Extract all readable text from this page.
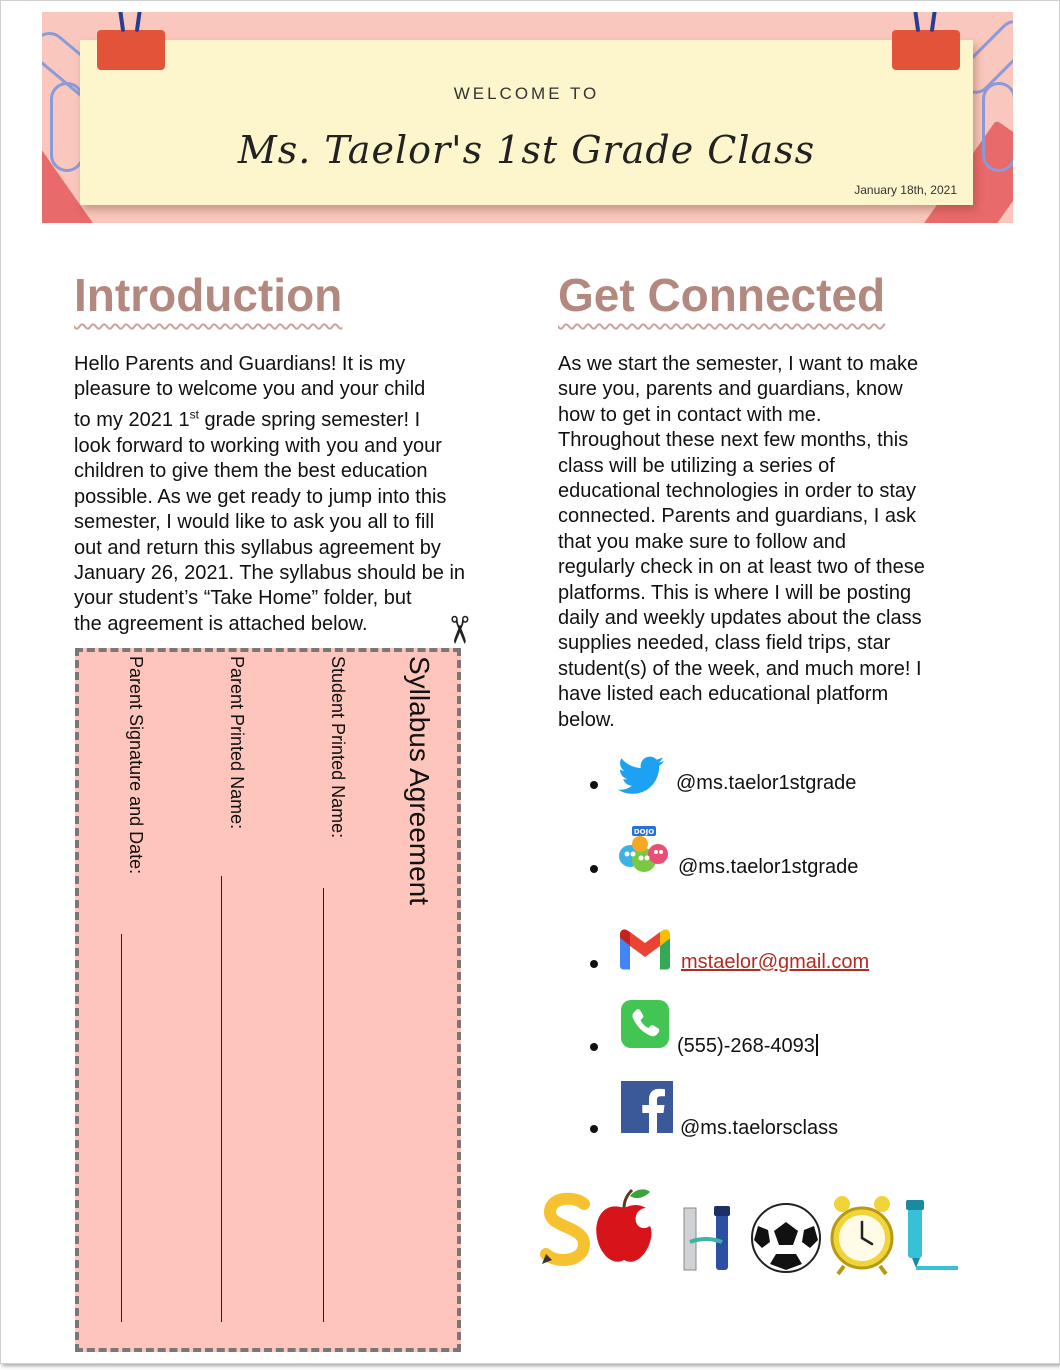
WELCOME TO
Ms. Taelor's 1st Grade Class
January 18th, 2021
Introduction

Hello Parents and Guardians! It is my
pleasure to welcome you and your child
to my 2021 1st grade spring semester! I
look forward to working with you and your
children to give them the best education
possible. As we get ready to jump into this
semester, I would like to ask you all to fill
out and return this syllabus agreement by
January 26, 2021. The syllabus should be in
your student’s “Take Home” folder, but
the agreement is attached below.	✂
Syllabus Agreement
Student Printed Name:
Parent Printed Name:
Parent Signature and Date:
Get Connected

As we start the semester, I want to make
sure you, parents and guardians, know
how to get in contact with me.
Throughout these next few months, this
class will be utilizing a series of
educational technologies in order to stay
connected. Parents and guardians, I ask
that you make sure to follow and
regularly check in on at least two of these
platforms. This is where I will be posting
daily and weekly updates about the class
supplies needed, class field trips, star
student(s) of the week, and much more! I
have listed each educational platform
below.

@ms.taelor1stgrade
DOJO
@ms.taelor1stgrade
mstaelor@gmail.com
(555)-268-4093
@ms.taelorsclass
